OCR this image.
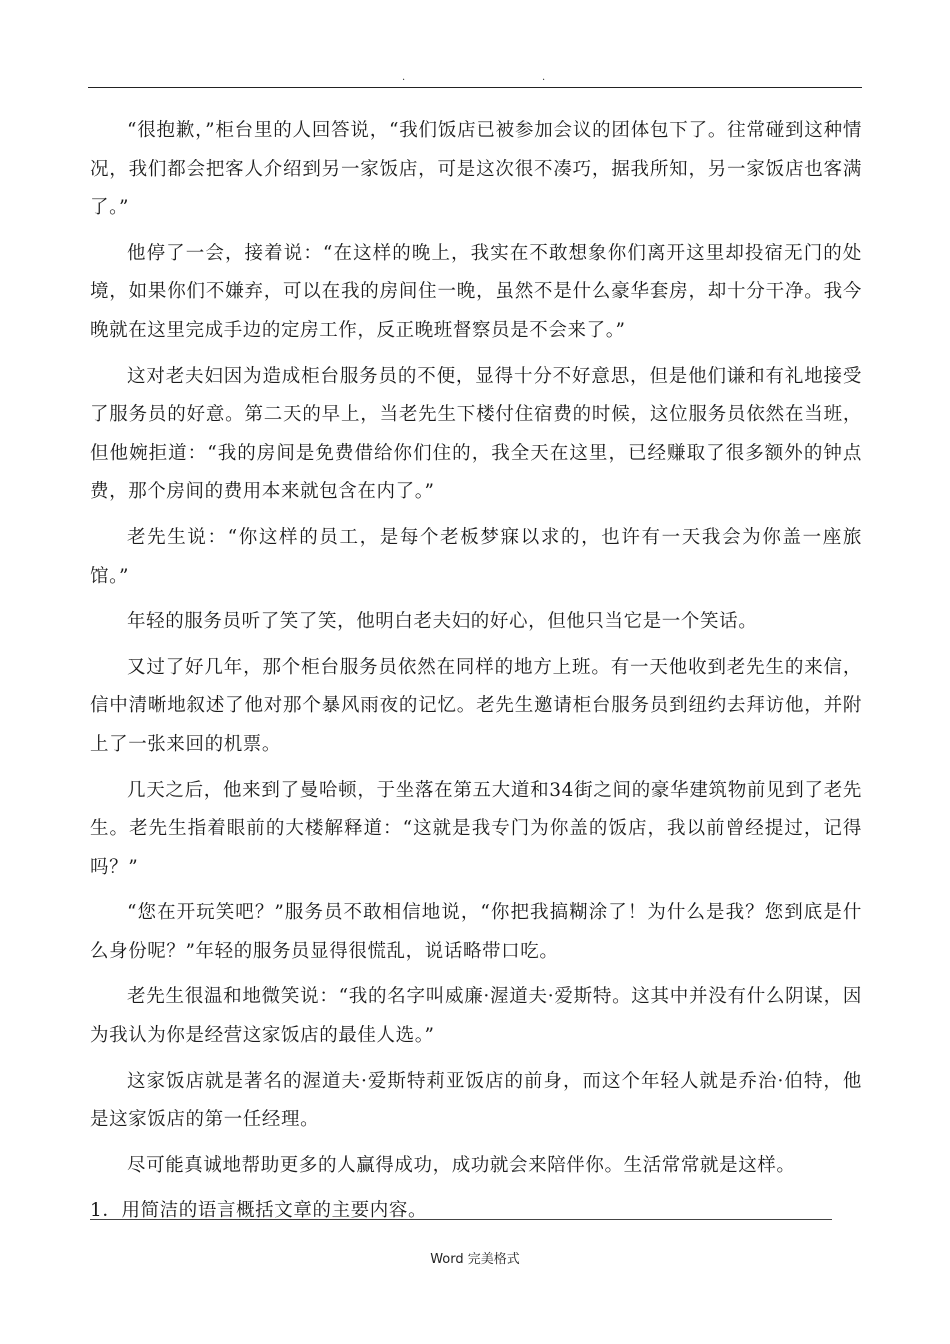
.	.

“很抱歉，”柜台里的人回答说，“我们饭店已被参加会议的团体包下了。往常碰到这种情况，我们都会把客人介绍到另一家饭店，可是这次很不凑巧，据我所知，另一家饭店也客满了。”

他停了一会，接着说：“在这样的晚上，我实在不敢想象你们离开这里却投宿无门的处境，如果你们不嫌弃，可以在我的房间住一晚，虽然不是什么豪华套房，却十分干净。我今晚就在这里完成手边的定房工作，反正晚班督察员是不会来了。”

这对老夫妇因为造成柜台服务员的不便，显得十分不好意思，但是他们谦和有礼地接受了服务员的好意。第二天的早上，当老先生下楼付住宿费的时候，这位服务员依然在当班，但他婉拒道：“我的房间是免费借给你们住的，我全天在这里，已经赚取了很多额外的钟点费，那个房间的费用本来就包含在内了。”

老先生说：“你这样的员工，是每个老板梦寐以求的，也许有一天我会为你盖一座旅馆。”

年轻的服务员听了笑了笑，他明白老夫妇的好心，但他只当它是一个笑话。

又过了好几年，那个柜台服务员依然在同样的地方上班。有一天他收到老先生的来信，信中清晰地叙述了他对那个暴风雨夜的记忆。老先生邀请柜台服务员到纽约去拜访他，并附上了一张来回的机票。

几天之后，他来到了曼哈顿，于坐落在第五大道和34街之间的豪华建筑物前见到了老先生。老先生指着眼前的大楼解释道：“这就是我专门为你盖的饭店，我以前曾经提过，记得吗？”

“您在开玩笑吧？”服务员不敢相信地说，“你把我搞糊涂了！为什么是我？您到底是什么身份呢？”年轻的服务员显得很慌乱，说话略带口吃。

老先生很温和地微笑说：“我的名字叫威廉·渥道夫·爱斯特。这其中并没有什么阴谋，因为我认为你是经营这家饭店的最佳人选。”

这家饭店就是著名的渥道夫·爱斯特莉亚饭店的前身，而这个年轻人就是乔治·伯特，他是这家饭店的第一任经理。

尽可能真诚地帮助更多的人赢得成功，成功就会来陪伴你。生活常常就是这样。

1．用简洁的语言概括文章的主要内容。

Word 完美格式
